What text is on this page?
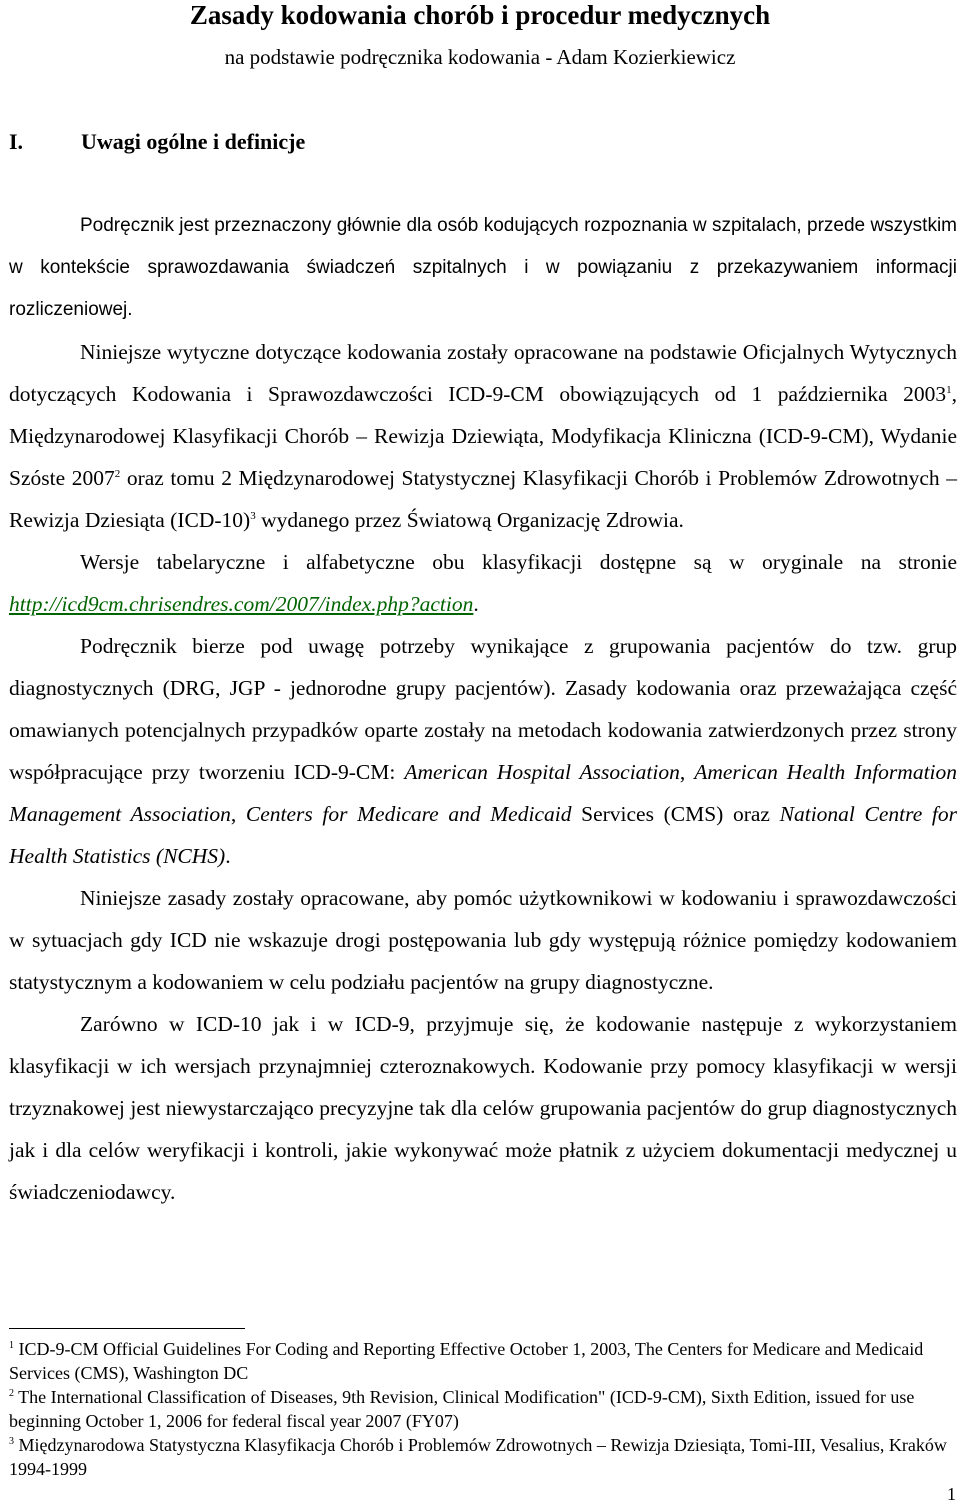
Zasady kodowania chorób i procedur medycznych
na podstawie podręcznika kodowania - Adam Kozierkiewicz
I.	Uwagi ogólne i definicje

Podręcznik jest przeznaczony głównie dla osób kodujących rozpoznania w szpitalach, przede wszystkim w kontekście sprawozdawania świadczeń szpitalnych i w powiązaniu z przekazywaniem informacji rozliczeniowej.

Niniejsze wytyczne dotyczące kodowania zostały opracowane na podstawie Oficjalnych Wytycznych dotyczących Kodowania i Sprawozdawczości ICD-9-CM obowiązujących od 1 października 2003$^1$, Międzynarodowej Klasyfikacji Chorób – Rewizja Dziewiąta, Modyfikacja Kliniczna (ICD-9-CM), Wydanie Szóste 2007$^2$ oraz tomu 2 Międzynarodowej Statystycznej Klasyfikacji Chorób i Problemów Zdrowotnych – Rewizja Dziesiąta $(ICD-10)^3$ wydanego przez Światową Organizację Zdrowia.

Wersje tabelaryczne i alfabetyczne obu klasyfikacji dostępne są w oryginale na stronie http://icd9cm.chrisendres.com/2007/index.php?action.

Podręcznik bierze pod uwagę potrzeby wynikające z grupowania pacjentów do tzw. grup diagnostycznych (DRG, JGP - jednorodne grupy pacjentów). Zasady kodowania oraz przeważająca część omawianych potencjalnych przypadków oparte zostały na metodach kodowania zatwierdzonych przez strony współpracujące przy tworzeniu ICD-9-CM: American Hospital Association, American Health Information Management Association, Centers for Medicare and Medicaid Services (CMS) oraz National Centre for Health Statistics (NCHS).

Niniejsze zasady zostały opracowane, aby pomóc użytkownikowi w kodowaniu i sprawozdawczości w sytuacjach gdy ICD nie wskazuje drogi postępowania lub gdy występują różnice pomiędzy kodowaniem statystycznym a kodowaniem w celu podziału pacjentów na grupy diagnostyczne.

Zarówno w ICD-10 jak i w ICD-9, przyjmuje się, że kodowanie następuje z wykorzystaniem klasyfikacji w ich wersjach przynajmniej czteroznakowych. Kodowanie przy pomocy klasyfikacji w wersji trzyznakowej jest niewystarczająco precyzyjne tak dla celów grupowania pacjentów do grup diagnostycznych jak i dla celów weryfikacji i kontroli, jakie wykonywać może płatnik z użyciem dokumentacji medycznej u świadczeniodawcy.

$^1$ ICD-9-CM Official Guidelines For Coding and Reporting Effective October 1, 2003, The Centers for Medicare and Medicaid Services (CMS), Washington DC

$^2$ The International Classification of Diseases, 9th Revision, Clinical Modification" (ICD-9-CM), Sixth Edition, issued for use beginning October 1, 2006 for federal fiscal year 2007 (FY07)

$^3$ Międzynarodowa Statystyczna Klasyfikacja Chorób i Problemów Zdrowotnych – Rewizja Dziesiąta, Tomi-III, Vesalius, Kraków 1994-1999

1
